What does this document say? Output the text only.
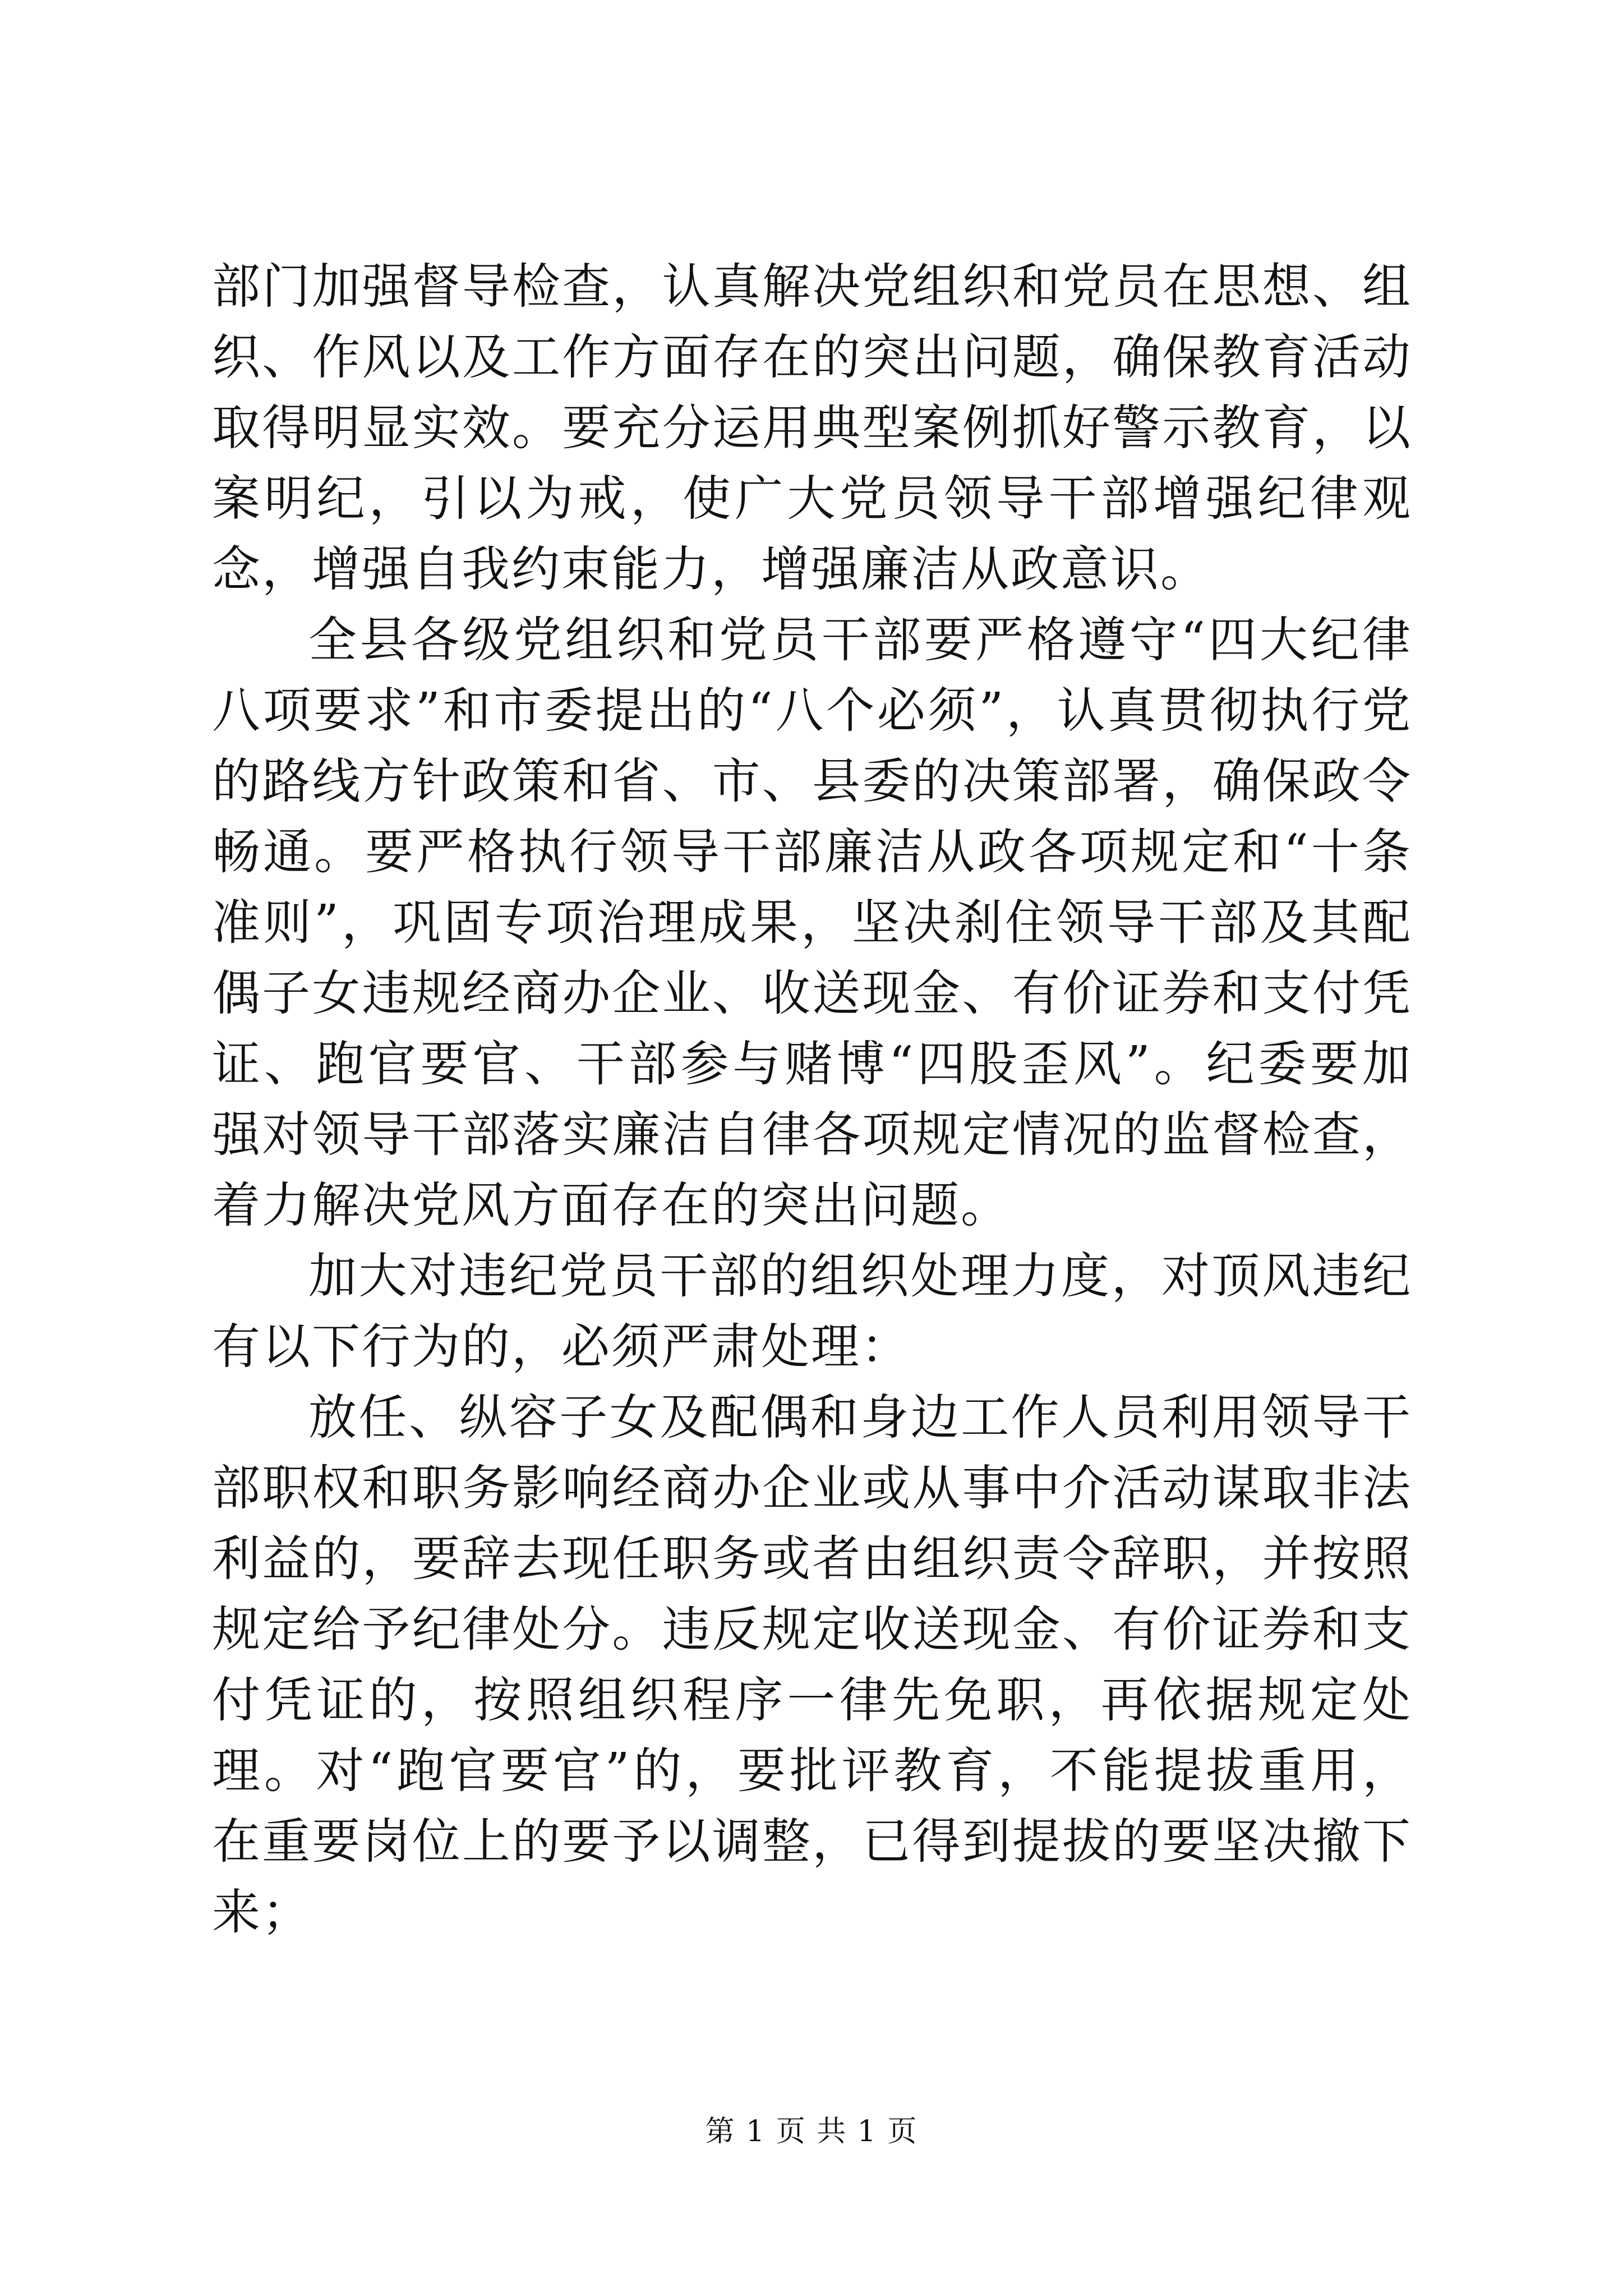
部门加强督导检查，认真解决党组织和党员在思想、组织、作风以及工作方面存在的突出问题，确保教育活动取得明显实效。要充分运用典型案例抓好警示教育，以案明纪，引以为戒，使广大党员领导干部增强纪律观念，增强自我约束能力，增强廉洁从政意识。

全县各级党组织和党员干部要严格遵守“四大纪律八项要求”和市委提出的“八个必须”，认真贯彻执行党的路线方针政策和省、市、县委的决策部署，确保政令畅通。要严格执行领导干部廉洁从政各项规定和“十条准则”，巩固专项治理成果，坚决刹住领导干部及其配偶子女违规经商办企业、收送现金、有价证券和支付凭证、跑官要官、干部参与赌博“四股歪风”。纪委要加强对领导干部落实廉洁自律各项规定情况的监督检查，着力解决党风方面存在的突出问题。

加大对违纪党员干部的组织处理力度，对顶风违纪有以下行为的，必须严肃处理：

放任、纵容子女及配偶和身边工作人员利用领导干部职权和职务影响经商办企业或从事中介活动谋取非法利益的，要辞去现任职务或者由组织责令辞职，并按照规定给予纪律处分。违反规定收送现金、有价证券和支付凭证的，按照组织程序一律先免职，再依据规定处理。对“跑官要官”的，要批评教育，不能提拔重用，在重要岗位上的要予以调整，已得到提拔的要坚决撤下来；

第 1 页 共 1 页
